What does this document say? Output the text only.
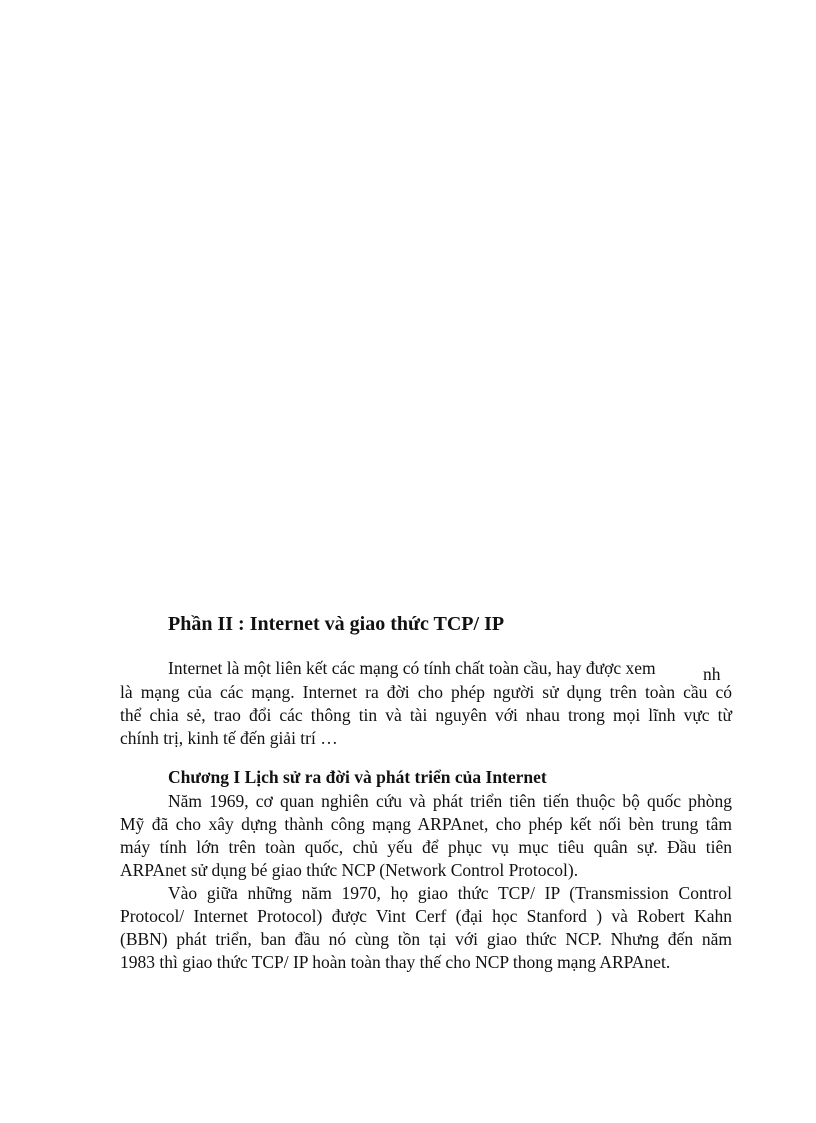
Phần II : Internet và giao thức TCP/ IP
Internet là một liên kết các mạng có tính chất toàn cầu, hay được xem	nh
là mạng của các mạng. Internet ra đời cho phép người sử dụng trên toàn cầu có
thể chia sẻ, trao đổi các thông tin và tài nguyên với nhau trong mọi lĩnh vực từ
chính trị, kinh tế đến giải trí …
Chương I Lịch sử ra đời và phát triển của Internet
Năm 1969, cơ quan nghiên cứu và phát triển tiên tiến thuộc bộ quốc phòng
Mỹ đã cho xây dựng thành công mạng ARPAnet, cho phép kết nối bèn trung tâm
máy tính lớn trên toàn quốc, chủ yếu để phục vụ mục tiêu quân sự. Đầu tiên
ARPAnet sử dụng bé giao thức NCP (Network Control Protocol).
Vào giữa những năm 1970, họ giao thức TCP/ IP (Transmission Control
Protocol/ Internet Protocol) được Vint Cerf (đại học Stanford ) và Robert Kahn
(BBN) phát triển, ban đầu nó cùng tồn tại với giao thức NCP. Nhưng đến năm
1983 thì giao thức TCP/ IP hoàn toàn thay thế cho NCP thong mạng ARPAnet.
